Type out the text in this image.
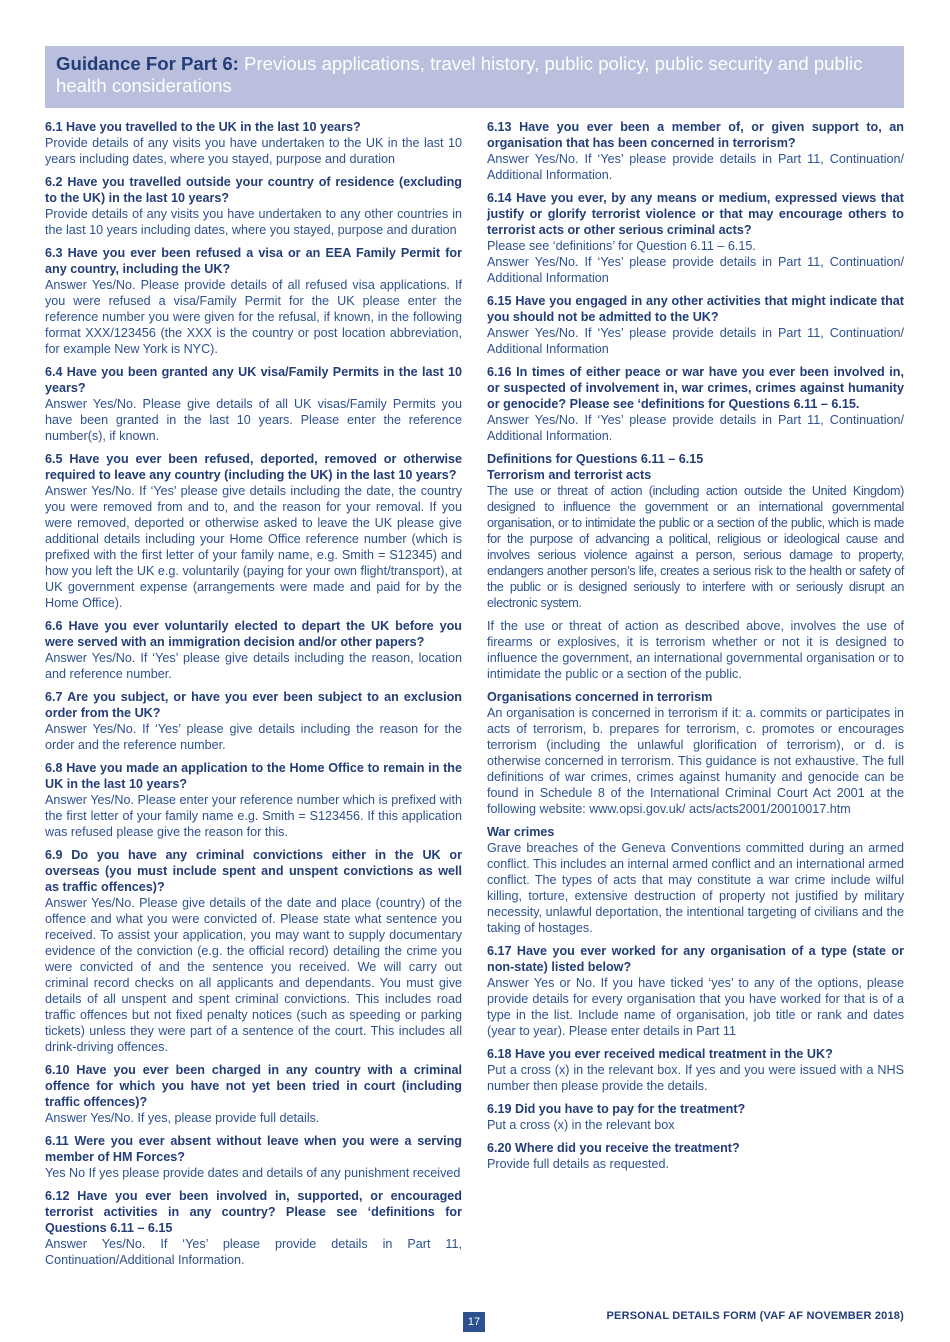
Guidance For Part 6: Previous applications, travel history, public policy, public security and public health considerations
6.1 Have you travelled to the UK in the last 10 years?
Provide details of any visits you have undertaken to the UK in the last 10 years including dates, where you stayed, purpose and duration
6.2 Have you travelled outside your country of residence (excluding to the UK) in the last 10 years?
Provide details of any visits you have undertaken to any other countries in the last 10 years including dates, where you stayed, purpose and duration
6.3 Have you ever been refused a visa or an EEA Family Permit for any country, including the UK?
Answer Yes/No. Please provide details of all refused visa applications. If you were refused a visa/Family Permit for the UK please enter the reference number you were given for the refusal, if known, in the following format XXX/123456 (the XXX is the country or post location abbreviation, for example New York is NYC).
6.4 Have you been granted any UK visa/Family Permits in the last 10 years?
Answer Yes/No. Please give details of all UK visas/Family Permits you have been granted in the last 10 years. Please enter the reference number(s), if known.
6.5 Have you ever been refused, deported, removed or otherwise required to leave any country (including the UK) in the last 10 years?
Answer Yes/No. If ‘Yes’ please give details including the date, the country you were removed from and to, and the reason for your removal. If you were removed, deported or otherwise asked to leave the UK please give additional details including your Home Office reference number (which is prefixed with the first letter of your family name, e.g. Smith = S12345) and how you left the UK e.g. voluntarily (paying for your own flight/transport), at UK government expense (arrangements were made and paid for by the Home Office).
6.6 Have you ever voluntarily elected to depart the UK before you were served with an immigration decision and/or other papers?
Answer Yes/No. If ‘Yes’ please give details including the reason, location and reference number.
6.7 Are you subject, or have you ever been subject to an exclusion order from the UK?
Answer Yes/No. If ‘Yes’ please give details including the reason for the order and the reference number.
6.8 Have you made an application to the Home Office to remain in the UK in the last 10 years?
Answer Yes/No. Please enter your reference number which is prefixed with the first letter of your family name e.g. Smith = S123456. If this application was refused please give the reason for this.
6.9 Do you have any criminal convictions either in the UK or overseas (you must include spent and unspent convictions as well as traffic offences)?
Answer Yes/No. Please give details of the date and place (country) of the offence and what you were convicted of. Please state what sentence you received. To assist your application, you may want to supply documentary evidence of the conviction (e.g. the official record) detailing the crime you were convicted of and the sentence you received. We will carry out criminal record checks on all applicants and dependants. You must give details of all unspent and spent criminal convictions. This includes road traffic offences but not fixed penalty notices (such as speeding or parking tickets) unless they were part of a sentence of the court. This includes all drink-driving offences.
6.10 Have you ever been charged in any country with a criminal offence for which you have not yet been tried in court (including traffic offences)?
Answer Yes/No. If yes, please provide full details.
6.11 Were you ever absent without leave when you were a serving member of HM Forces?
Yes No If yes please provide dates and details of any punishment received
6.12 Have you ever been involved in, supported, or encouraged terrorist activities in any country? Please see ‘definitions for Questions 6.11 – 6.15
Answer Yes/No. If ‘Yes’ please provide details in Part 11, Continuation/Additional Information.
6.13 Have you ever been a member of, or given support to, an organisation that has been concerned in terrorism?
Answer Yes/No. If ‘Yes’ please provide details in Part 11, Continuation/ Additional Information.
6.14 Have you ever, by any means or medium, expressed views that justify or glorify terrorist violence or that may encourage others to terrorist acts or other serious criminal acts?
Please see ‘definitions’ for Question 6.11 – 6.15.
Answer Yes/No. If ‘Yes’ please provide details in Part 11, Continuation/ Additional Information
6.15 Have you engaged in any other activities that might indicate that you should not be admitted to the UK?
Answer Yes/No. If ‘Yes’ please provide details in Part 11, Continuation/ Additional Information
6.16 In times of either peace or war have you ever been involved in, or suspected of involvement in, war crimes, crimes against humanity or genocide? Please see ‘definitions for Questions 6.11 – 6.15.
Answer Yes/No. If ‘Yes’ please provide details in Part 11, Continuation/ Additional Information.
Definitions for Questions 6.11 – 6.15
Terrorism and terrorist acts
The use or threat of action (including action outside the United Kingdom) designed to influence the government or an international governmental organisation, or to intimidate the public or a section of the public, which is made for the purpose of advancing a political, religious or ideological cause and involves serious violence against a person, serious damage to property, endangers another person’s life, creates a serious risk to the health or safety of the public or is designed seriously to interfere with or seriously disrupt an electronic system.
If the use or threat of action as described above, involves the use of firearms or explosives, it is terrorism whether or not it is designed to influence the government, an international governmental organisation or to intimidate the public or a section of the public.
Organisations concerned in terrorism
An organisation is concerned in terrorism if it: a. commits or participates in acts of terrorism, b. prepares for terrorism, c. promotes or encourages terrorism (including the unlawful glorification of terrorism), or d. is otherwise concerned in terrorism. This guidance is not exhaustive. The full definitions of war crimes, crimes against humanity and genocide can be found in Schedule 8 of the International Criminal Court Act 2001 at the following website: www.opsi.gov.uk/ acts/acts2001/20010017.htm
War crimes
Grave breaches of the Geneva Conventions committed during an armed conflict. This includes an internal armed conflict and an international armed conflict. The types of acts that may constitute a war crime include wilful killing, torture, extensive destruction of property not justified by military necessity, unlawful deportation, the intentional targeting of civilians and the taking of hostages.
6.17 Have you ever worked for any organisation of a type (state or non-state) listed below?
Answer Yes or No. If you have ticked ‘yes’ to any of the options, please provide details for every organisation that you have worked for that is of a type in the list. Include name of organisation, job title or rank and dates (year to year). Please enter details in Part 11
6.18 Have you ever received medical treatment in the UK?
Put a cross (x) in the relevant box. If yes and you were issued with a NHS number then please provide the details.
6.19 Did you have to pay for the treatment?
Put a cross (x) in the relevant box
6.20 Where did you receive the treatment?
Provide full details as requested.
17	PERSONAL DETAILS FORM (VAF AF NOVEMBER 2018)
